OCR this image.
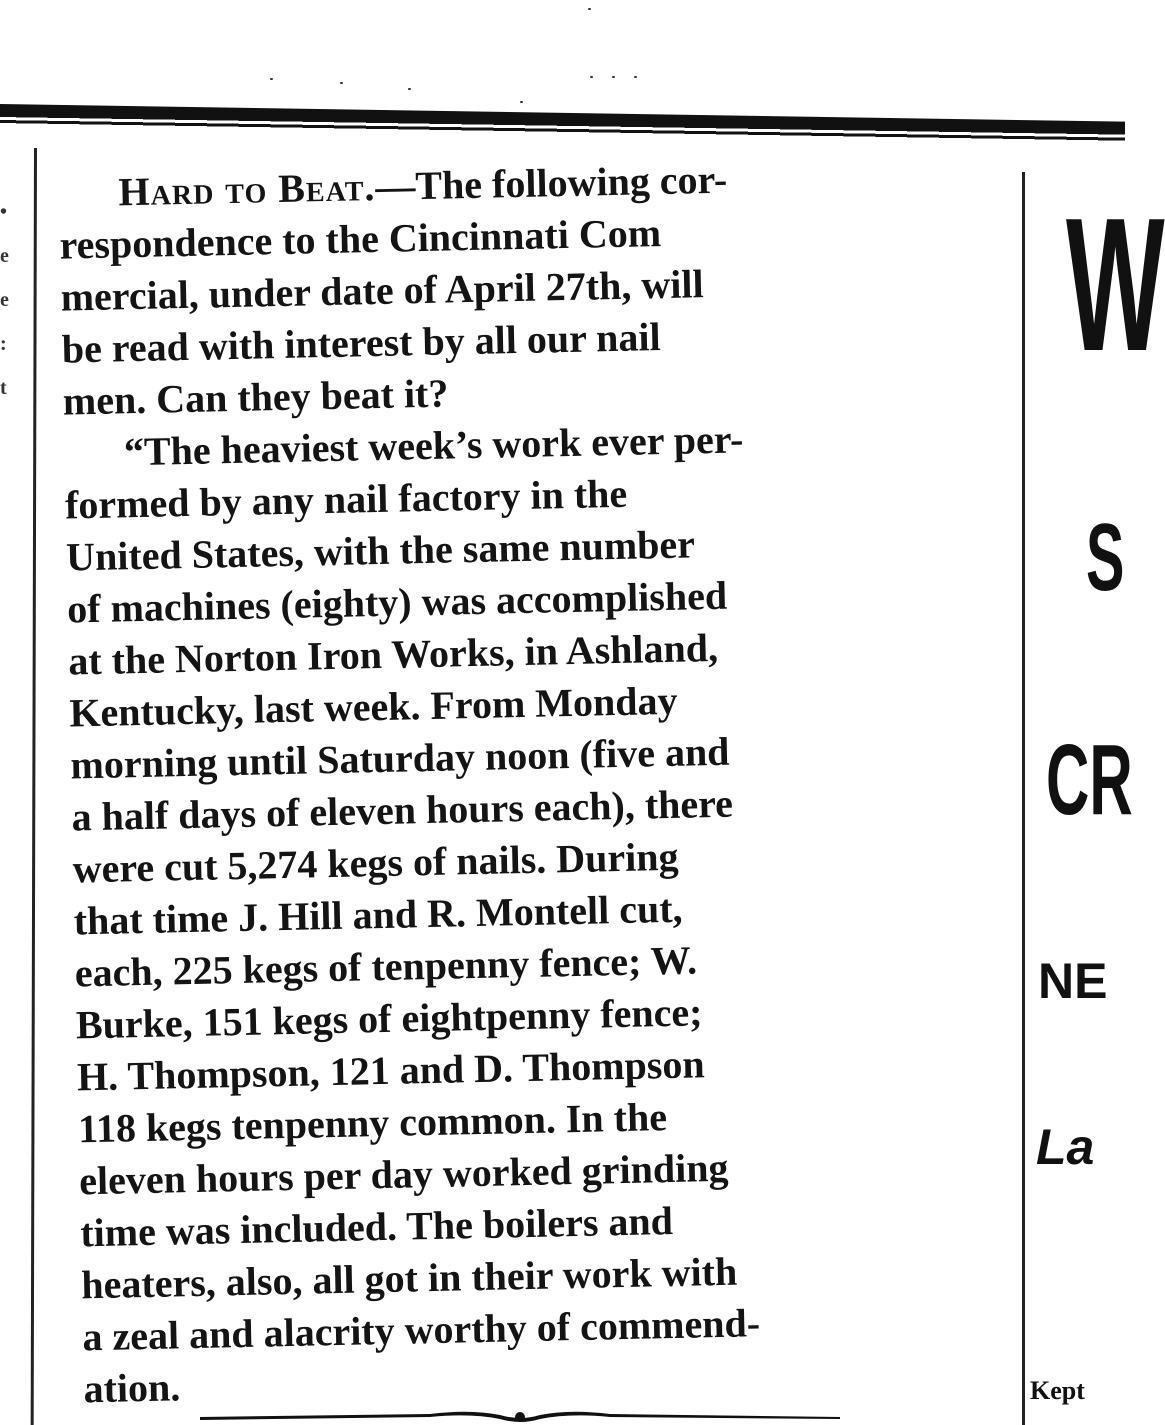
•
e
e
:
t
Hard to Beat.—The following cor-
respondence to the Cincinnati Com
mercial, under date of April 27th, will
be read with interest by all our nail
men. Can they beat it?
“The heaviest week’s work ever per-
formed by any nail factory in the
United States, with the same number
of machines (eighty) was accomplished
at the Norton Iron Works, in Ashland,
Kentucky, last week. From Monday
morning until Saturday noon (five and
a half days of eleven hours each), there
were cut 5,274 kegs of nails. During
that time J. Hill and R. Montell cut,
each, 225 kegs of tenpenny fence; W.
Burke, 151 kegs of eightpenny fence;
H. Thompson, 121 and D. Thompson
118 kegs tenpenny common. In the
eleven hours per day worked grinding
time was included. The boilers and
heaters, also, all got in their work with
a zeal and alacrity worthy of commend-
ation.
W
S
CR
NE
La
Kept
